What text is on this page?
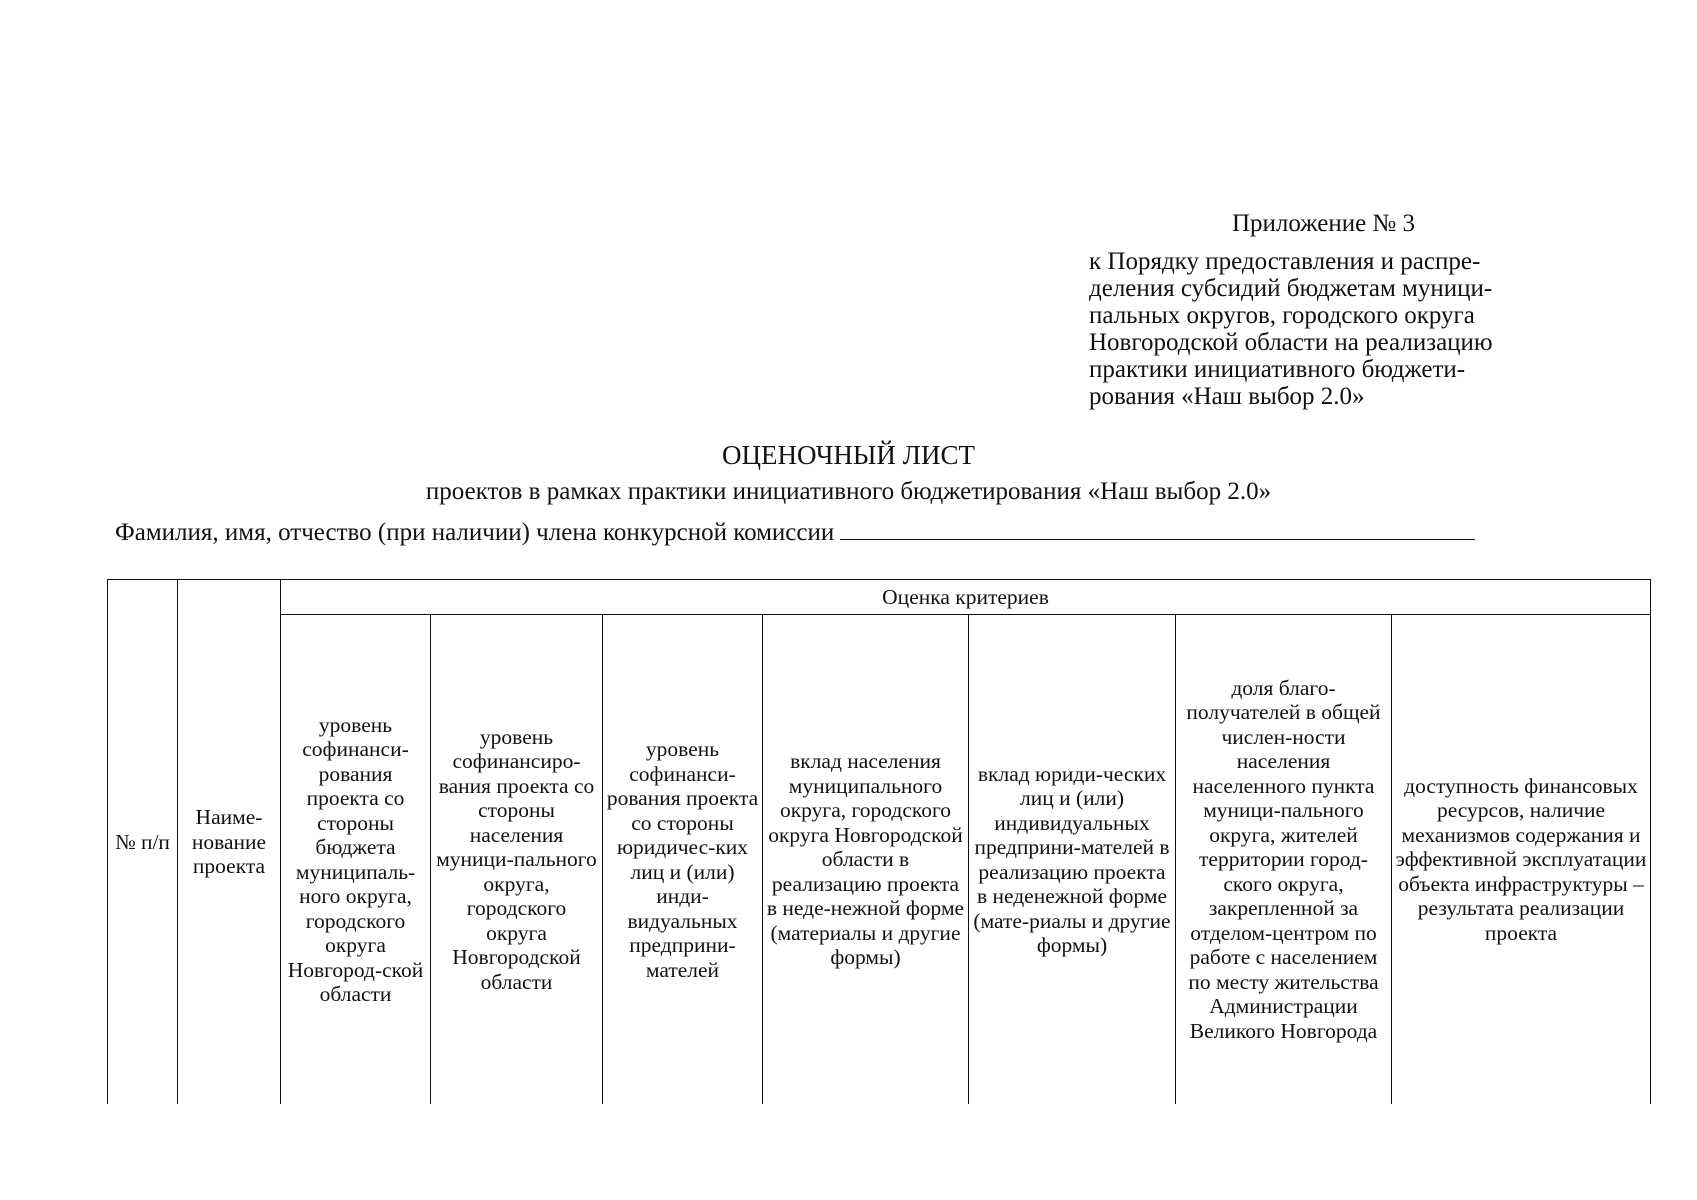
Приложение № 3
к Порядку предоставления и распре-
деления субсидий бюджетам муници-
пальных округов, городского округа
Новгородской области на реализацию
практики инициативного бюджети-
рования «Наш выбор 2.0»
ОЦЕНОЧНЫЙ ЛИСТ
проектов в рамках практики инициативного бюджетирования «Наш выбор 2.0»
Фамилия, имя, отчество (при наличии) члена конкурсной комиссии
№ п/п	Наиме-нование проекта	Оценка критериев						
		уровень софинанси-рования проекта со стороны бюджета муниципаль-ного округа, городского округа Новгород-ской области	уровень софинансиро-вания проекта со стороны населения муници-пального округа, городского округа Новгородской области	уровень софинанси-рования проекта со стороны юридичес-ких лиц и (или) инди-видуальных предприни-мателей	вклад населения муниципального округа, городского округа Новгородской области в реализацию проекта в неде-нежной форме (материалы и другие формы)	вклад юриди-ческих лиц и (или) индивидуальных предприни-мателей в реализацию проекта в неденежной форме (мате-риалы и другие формы)	доля благо-получателей в общей числен-ности населения населенного пункта муници-пального округа, жителей территории город-ского округа, закрепленной за отделом-центром по работе с населением по месту жительства Администрации Великого Новгорода	доступность финансовых ресурсов, наличие механизмов содержания и эффективной эксплуатации объекта инфраструктуры – результата реализации проекта
